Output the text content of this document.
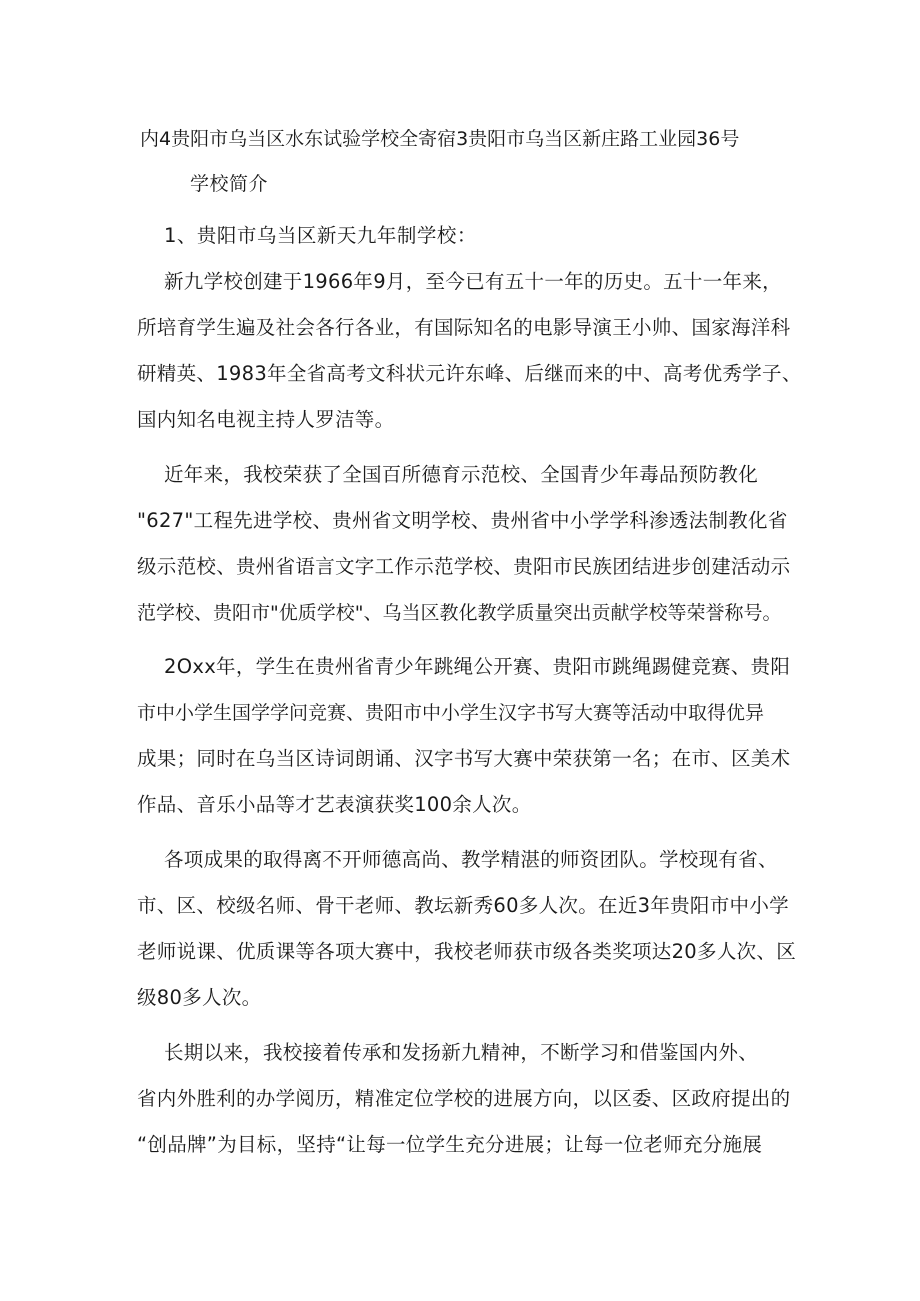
内4贵阳市乌当区水东试验学校全寄宿3贵阳市乌当区新庄路工业园36号
学校简介
1、贵阳市乌当区新天九年制学校：
新九学校创建于1966年9月，至今已有五十一年的历史。五十一年来，
所培育学生遍及社会各行各业，有国际知名的电影导演王小帅、国家海洋科
研精英、1983年全省高考文科状元许东峰、后继而来的中、高考优秀学子、
国内知名电视主持人罗洁等。
近年来，我校荣获了全国百所德育示范校、全国青少年毒品预防教化
"627"工程先进学校、贵州省文明学校、贵州省中小学学科渗透法制教化省
级示范校、贵州省语言文字工作示范学校、贵阳市民族团结进步创建活动示
范学校、贵阳市"优质学校"、乌当区教化教学质量突出贡献学校等荣誉称号。
2Oxx年，学生在贵州省青少年跳绳公开赛、贵阳市跳绳踢健竞赛、贵阳
市中小学生国学学问竞赛、贵阳市中小学生汉字书写大赛等活动中取得优异
成果；同时在乌当区诗词朗诵、汉字书写大赛中荣获第一名；在市、区美术
作品、音乐小品等才艺表演获奖100余人次。
各项成果的取得离不开师德高尚、教学精湛的师资团队。学校现有省、
市、区、校级名师、骨干老师、教坛新秀60多人次。在近3年贵阳市中小学
老师说课、优质课等各项大赛中，我校老师获市级各类奖项达20多人次、区
级80多人次。
长期以来，我校接着传承和发扬新九精神，不断学习和借鉴国内外、
省内外胜利的办学阅历，精准定位学校的进展方向，以区委、区政府提出的
“创品牌”为目标，坚持“让每一位学生充分进展；让每一位老师充分施展
